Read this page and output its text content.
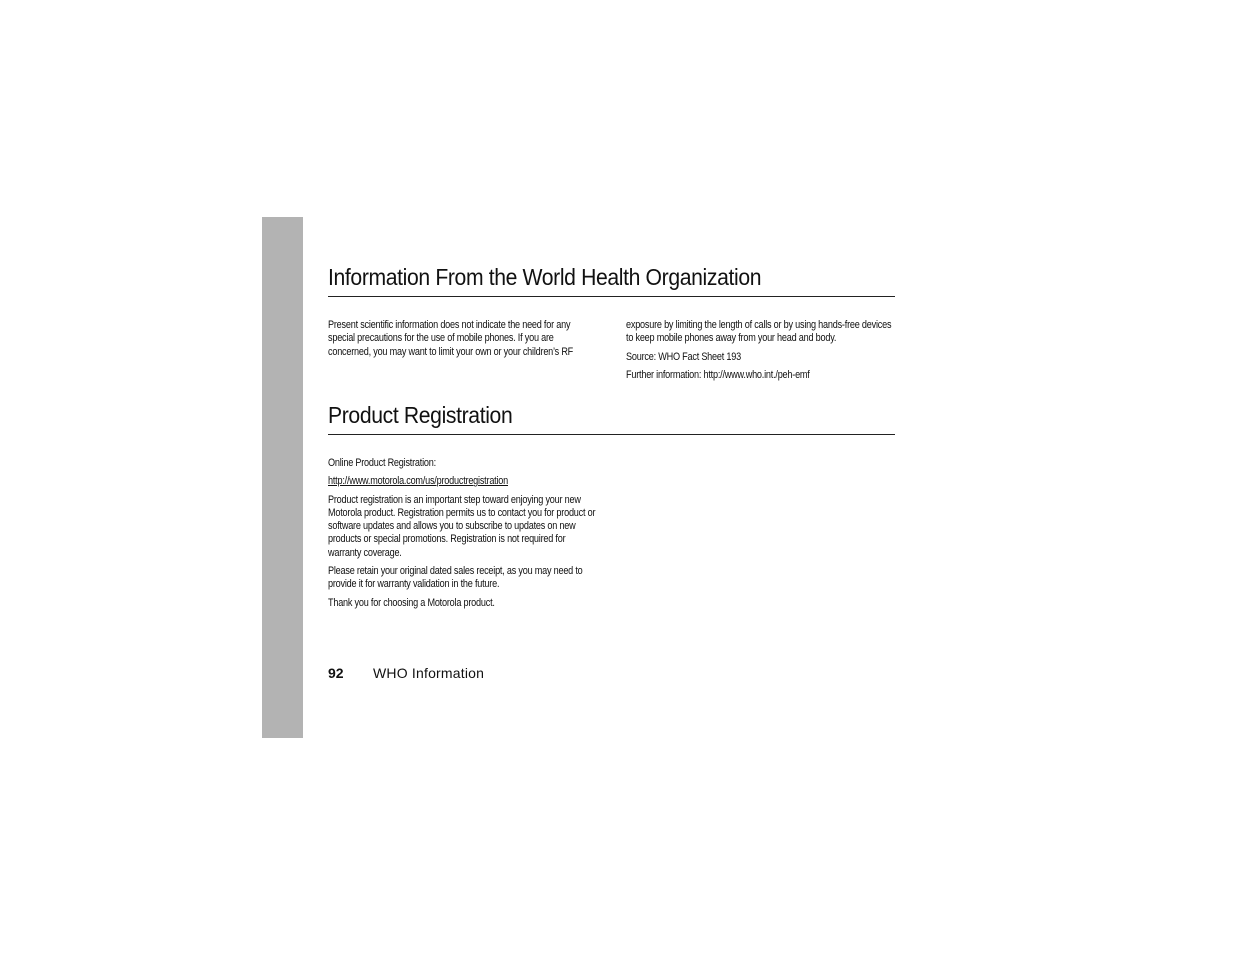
Information From the World Health Organization

Present scientific information does not indicate the need for any special precautions for the use of mobile phones. If you are concerned, you may want to limit your own or your children’s RF

exposure by limiting the length of calls or by using hands-free devices to keep mobile phones away from your head and body.

Source: WHO Fact Sheet 193

Further information: http://www.who.int./peh-emf

Product Registration

Online Product Registration:

http://www.motorola.com/us/productregistration

Product registration is an important step toward enjoying your new Motorola product. Registration permits us to contact you for product or software updates and allows you to subscribe to updates on new products or special promotions. Registration is not required for warranty coverage.

Please retain your original dated sales receipt, as you may need to provide it for warranty validation in the future.

Thank you for choosing a Motorola product.

92	WHO Information
